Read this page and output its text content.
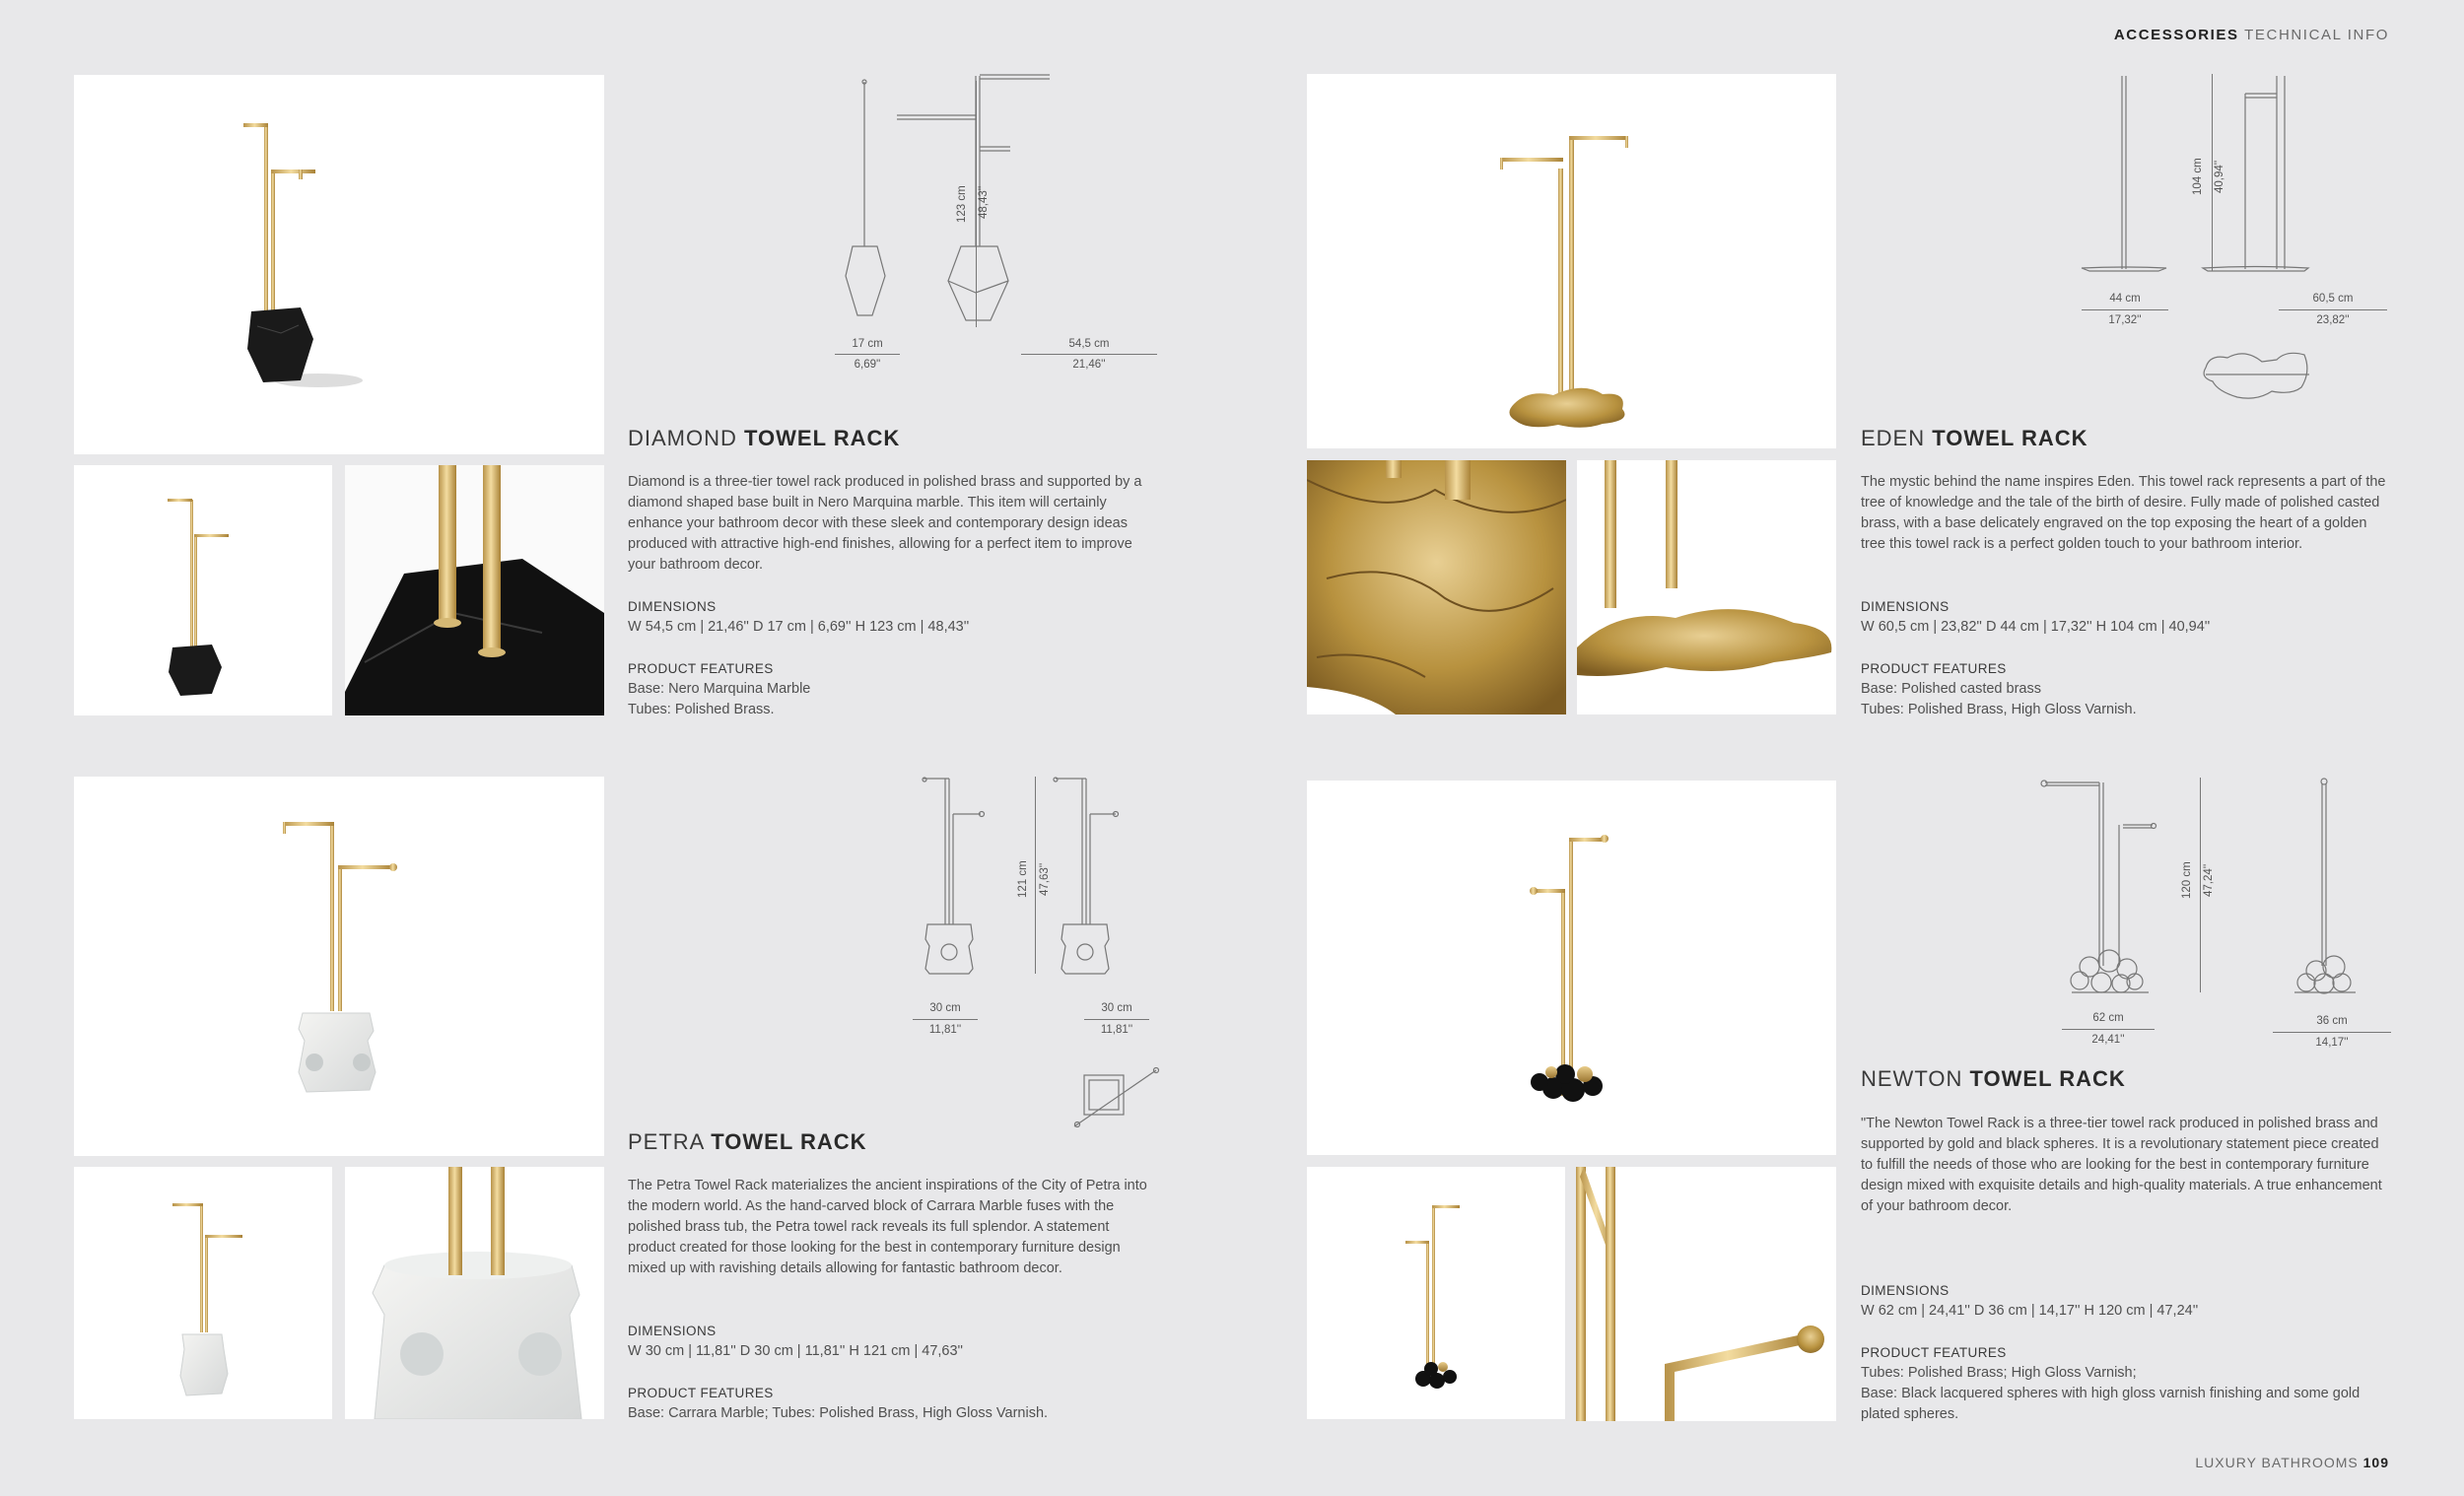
ACCESSORIES TECHNICAL INFO
123 cm 48,43''
17 cm
6,69''
54,5 cm
21,46''
DIAMOND TOWEL RACK
Diamond is a three-tier towel rack produced in polished brass and supported by a diamond shaped base built in Nero Marquina marble. This item will certainly enhance your bathroom decor with these sleek and contemporary design ideas produced with attractive high-end finishes, allowing for a perfect item to improve your bathroom decor.
DIMENSIONS
W 54,5 cm | 21,46'' D 17 cm | 6,69'' H 123 cm | 48,43''
PRODUCT FEATURES
Base: Nero Marquina Marble
Tubes: Polished Brass.
104 cm 40,94''
44 cm
17,32''
60,5 cm
23,82''
EDEN TOWEL RACK
The mystic behind the name inspires Eden. This towel rack represents a part of the tree of knowledge and the tale of the birth of desire. Fully made of polished casted brass, with a base delicately engraved on the top exposing the heart of a golden tree this towel rack is a perfect golden touch to your bathroom interior.
DIMENSIONS
W 60,5 cm | 23,82'' D 44 cm | 17,32'' H 104 cm | 40,94''
PRODUCT FEATURES
Base: Polished casted brass
Tubes: Polished Brass, High Gloss Varnish.
121 cm 47,63''
30 cm
11,81''
30 cm
11,81''
PETRA TOWEL RACK
The Petra Towel Rack materializes the ancient inspirations of the City of Petra into the modern world. As the hand-carved block of Carrara Marble fuses with the polished brass tub, the Petra towel rack reveals its full splendor. A statement product created for those looking for the best in contemporary furniture design mixed up with ravishing details allowing for fantastic bathroom decor.
DIMENSIONS
W 30 cm | 11,81'' D 30 cm | 11,81'' H 121 cm | 47,63''
PRODUCT FEATURES
Base: Carrara Marble; Tubes: Polished Brass, High Gloss Varnish.
120 cm 47,24''
62 cm
24,41''
36 cm
14,17''
NEWTON TOWEL RACK
"The Newton Towel Rack is a three-tier towel rack produced in polished brass and supported by gold and black spheres. It is a revolutionary statement piece created to fulfill the needs of those who are looking for the best in contemporary furniture design mixed with exquisite details and high-quality materials. A true enhancement of your bathroom decor.
DIMENSIONS
W 62 cm | 24,41'' D 36 cm | 14,17'' H 120 cm | 47,24''
PRODUCT FEATURES
Tubes: Polished Brass; High Gloss Varnish;
Base: Black lacquered spheres with high gloss varnish finishing and some gold plated spheres.
LUXURY BATHROOMS 109
